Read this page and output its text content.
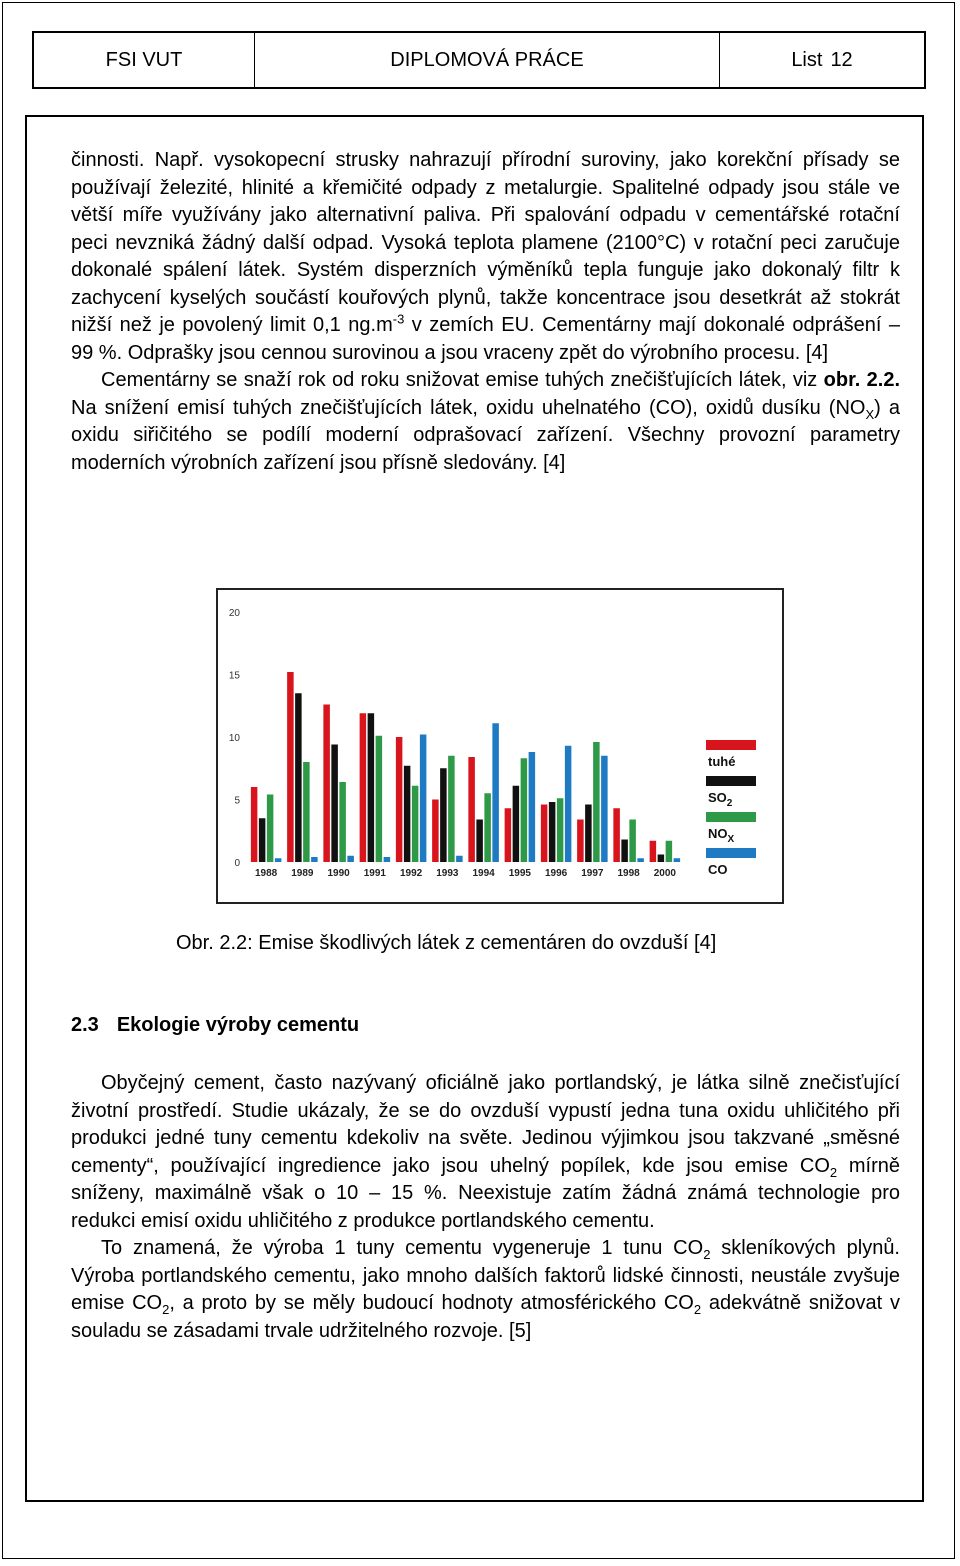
FSI VUT	DIPLOMOVÁ PRÁCE	List 12

činnosti. Např. vysokopecní strusky nahrazují přírodní suroviny, jako korekční přísady se používají železité, hlinité a křemičité odpady z metalurgie. Spalitelné odpady jsou stále ve větší míře využívány jako alternativní paliva. Při spalování odpadu v cementářské rotační peci nevzniká žádný další odpad. Vysoká teplota plamene (2100°C) v rotační peci zaručuje dokonalé spálení látek. Systém disperzních výměníků tepla funguje jako dokonalý filtr k zachycení kyselých součástí kouřových plynů, takže koncentrace jsou desetkrát až stokrát nižší než je povolený limit 0,1 $ng.m^{-3}$ v zemích EU. Cementárny mají dokonalé odprášení – 99 %. Odprašky jsou cennou surovinou a jsou vraceny zpět do výrobního procesu. [4]

Cementárny se snaží rok od roku snižovat emise tuhých znečišťujících látek, viz obr. 2.2. Na snížení emisí tuhých znečišťujících látek, oxidu uhelnatého (CO), oxidů dusíku $(NO_X)$ a oxidu siřičitého se podílí moderní odprašovací zařízení. Všechny provozní parametry moderních výrobních zařízení jsou přísně sledovány. [4]

20
15
10
5
0
1988 1989 1990 1991 1992 1993 1994 1995 1996 1997 1998 2000
tuhé
$SO_2$
$NO_X$
CO
Obr. 2.2: Emise škodlivých látek z cementáren do ovzduší [4]
2.3 Ekologie výroby cementu

Obyčejný cement, často nazývaný oficiálně jako portlandský, je látka silně znečisťující životní prostředí. Studie ukázaly, že se do ovzduší vypustí jedna tuna oxidu uhličitého při produkci jedné tuny cementu kdekoliv na světe. Jedinou výjimkou jsou takzvané „směsné cementy“, používající ingredience jako jsou uhelný popílek, kde jsou emise $CO_2$ mírně sníženy, maximálně však o 10 – 15 %. Neexistuje zatím žádná známá technologie pro redukci emisí oxidu uhličitého z produkce portlandského cementu.

To znamená, že výroba 1 tuny cementu vygeneruje 1 tunu $CO_2$ skleníkových plynů. Výroba portlandského cementu, jako mnoho dalších faktorů lidské činnosti, neustále zvyšuje emise $CO_2$, a proto by se měly budoucí hodnoty atmosférického $CO_2$ adekvátně snižovat v souladu se zásadami trvale udržitelného rozvoje. [5]
